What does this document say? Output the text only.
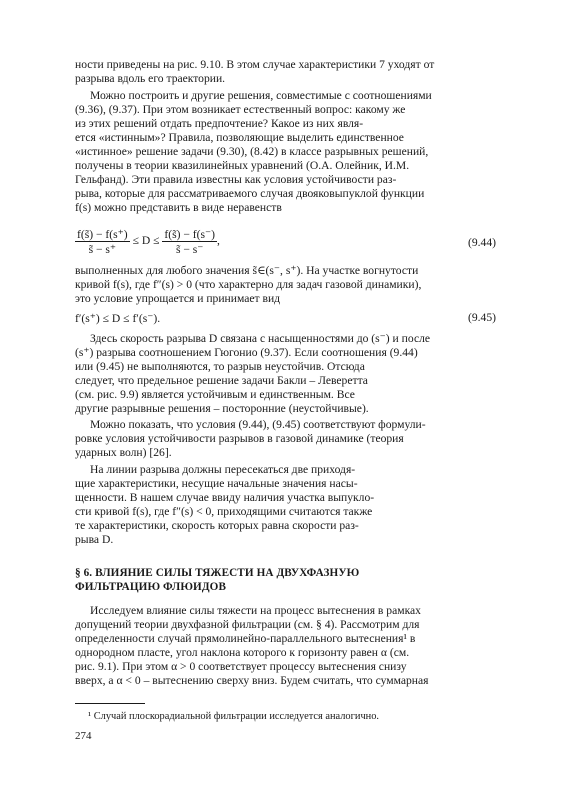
ности приведены на рис. 9.10. В этом случае характеристики 7 уходят от
разрыва вдоль его траектории.
Можно построить и другие решения, совместимые с соотношениями
(9.36), (9.37). При этом возникает естественный вопрос: какому же
из этих решений отдать предпочтение? Какое из них явля-
ется «истинным»? Правила, позволяющие выделить единственное
«истинное» решение задачи (9.30), (8.42) в классе разрывных решений,
получены в теории квазилинейных уравнений (О.А. Олейник, И.М.
Гельфанд). Эти правила известны как условия устойчивости раз-
рыва, которые для рассматриваемого случая двояковыпуклой функции
f(s) можно представить в виде неравенств
$\frac{f(s̃) - f(s^+)}{s̃ - s^+} \le D \le \frac{f(s̃) - f(s^-)}{s̃ - s^-}$ ,	(9.44)
выполненных для любого значения s̃∈(s⁻, s⁺). На участке вогнутости
кривой f(s), где f″(s) > 0 (что характерно для задач газовой динамики),
это условие упрощается и принимает вид
f′(s⁺) ≤ D ≤ f′(s⁻).	(9.45)
Здесь скорость разрыва D связана с насыщенностями до (s⁻) и после
(s⁺) разрыва соотношением Гюгонио (9.37). Если соотношения (9.44)
или (9.45) не выполняются, то разрыв неустойчив. Отсюда
следует, что предельное решение задачи Бакли – Леверетта
(см. рис. 9.9) является устойчивым и единственным. Все
другие разрывные решения – посторонние (неустойчивые).
Можно показать, что условия (9.44), (9.45) соответствуют формули-
ровке условия устойчивости разрывов в газовой динамике (теория
ударных волн) [26].
На линии разрыва должны пересекаться две приходя-
щие характеристики, несущие начальные значения насы-
щенности. В нашем случае ввиду наличия участка выпукло-
сти кривой f(s), где f″(s) < 0, приходящими считаются также
те характеристики, скорость которых равна скорости раз-
рыва D.
§ 6. ВЛИЯНИЕ СИЛЫ ТЯЖЕСТИ НА ДВУХФАЗНУЮ
ФИЛЬТРАЦИЮ ФЛЮИДОВ
Исследуем влияние силы тяжести на процесс вытеснения в рамках
допущений теории двухфазной фильтрации (см. § 4). Рассмотрим для
определенности случай прямолинейно-параллельного вытеснения¹ в
однородном пласте, угол наклона которого к горизонту равен α (см.
рис. 9.1). При этом α > 0 соответствует процессу вытеснения снизу
вверх, а α < 0 – вытеснению сверху вниз. Будем считать, что суммарная
¹ Случай плоскорадиальной фильтрации исследуется аналогично.
274
